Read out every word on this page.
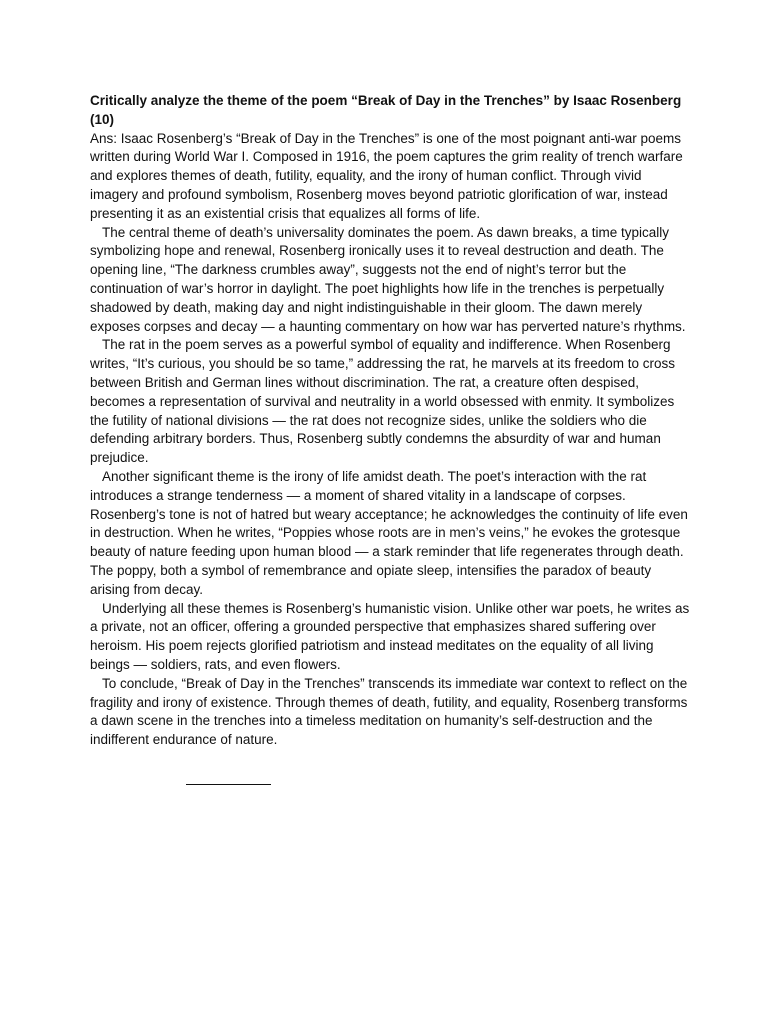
Critically analyze the theme of the poem “Break of Day in the Trenches” by Isaac Rosenberg (10)

Ans: Isaac Rosenberg’s “Break of Day in the Trenches” is one of the most poignant anti-war poems written during World War I. Composed in 1916, the poem captures the grim reality of trench warfare and explores themes of death, futility, equality, and the irony of human conflict. Through vivid imagery and profound symbolism, Rosenberg moves beyond patriotic glorification of war, instead presenting it as an existential crisis that equalizes all forms of life.

The central theme of death’s universality dominates the poem. As dawn breaks, a time typically symbolizing hope and renewal, Rosenberg ironically uses it to reveal destruction and death. The opening line, “The darkness crumbles away”, suggests not the end of night’s terror but the continuation of war’s horror in daylight. The poet highlights how life in the trenches is perpetually shadowed by death, making day and night indistinguishable in their gloom. The dawn merely exposes corpses and decay — a haunting commentary on how war has perverted nature’s rhythms.

The rat in the poem serves as a powerful symbol of equality and indifference. When Rosenberg writes, “It’s curious, you should be so tame,” addressing the rat, he marvels at its freedom to cross between British and German lines without discrimination. The rat, a creature often despised, becomes a representation of survival and neutrality in a world obsessed with enmity. It symbolizes the futility of national divisions — the rat does not recognize sides, unlike the soldiers who die defending arbitrary borders. Thus, Rosenberg subtly condemns the absurdity of war and human prejudice.

Another significant theme is the irony of life amidst death. The poet’s interaction with the rat introduces a strange tenderness — a moment of shared vitality in a landscape of corpses. Rosenberg’s tone is not of hatred but weary acceptance; he acknowledges the continuity of life even in destruction. When he writes, “Poppies whose roots are in men’s veins,” he evokes the grotesque beauty of nature feeding upon human blood — a stark reminder that life regenerates through death. The poppy, both a symbol of remembrance and opiate sleep, intensifies the paradox of beauty arising from decay.

Underlying all these themes is Rosenberg’s humanistic vision. Unlike other war poets, he writes as a private, not an officer, offering a grounded perspective that emphasizes shared suffering over heroism. His poem rejects glorified patriotism and instead meditates on the equality of all living beings — soldiers, rats, and even flowers.

To conclude, “Break of Day in the Trenches” transcends its immediate war context to reflect on the fragility and irony of existence. Through themes of death, futility, and equality, Rosenberg transforms a dawn scene in the trenches into a timeless meditation on humanity’s self-destruction and the indifferent endurance of nature.
